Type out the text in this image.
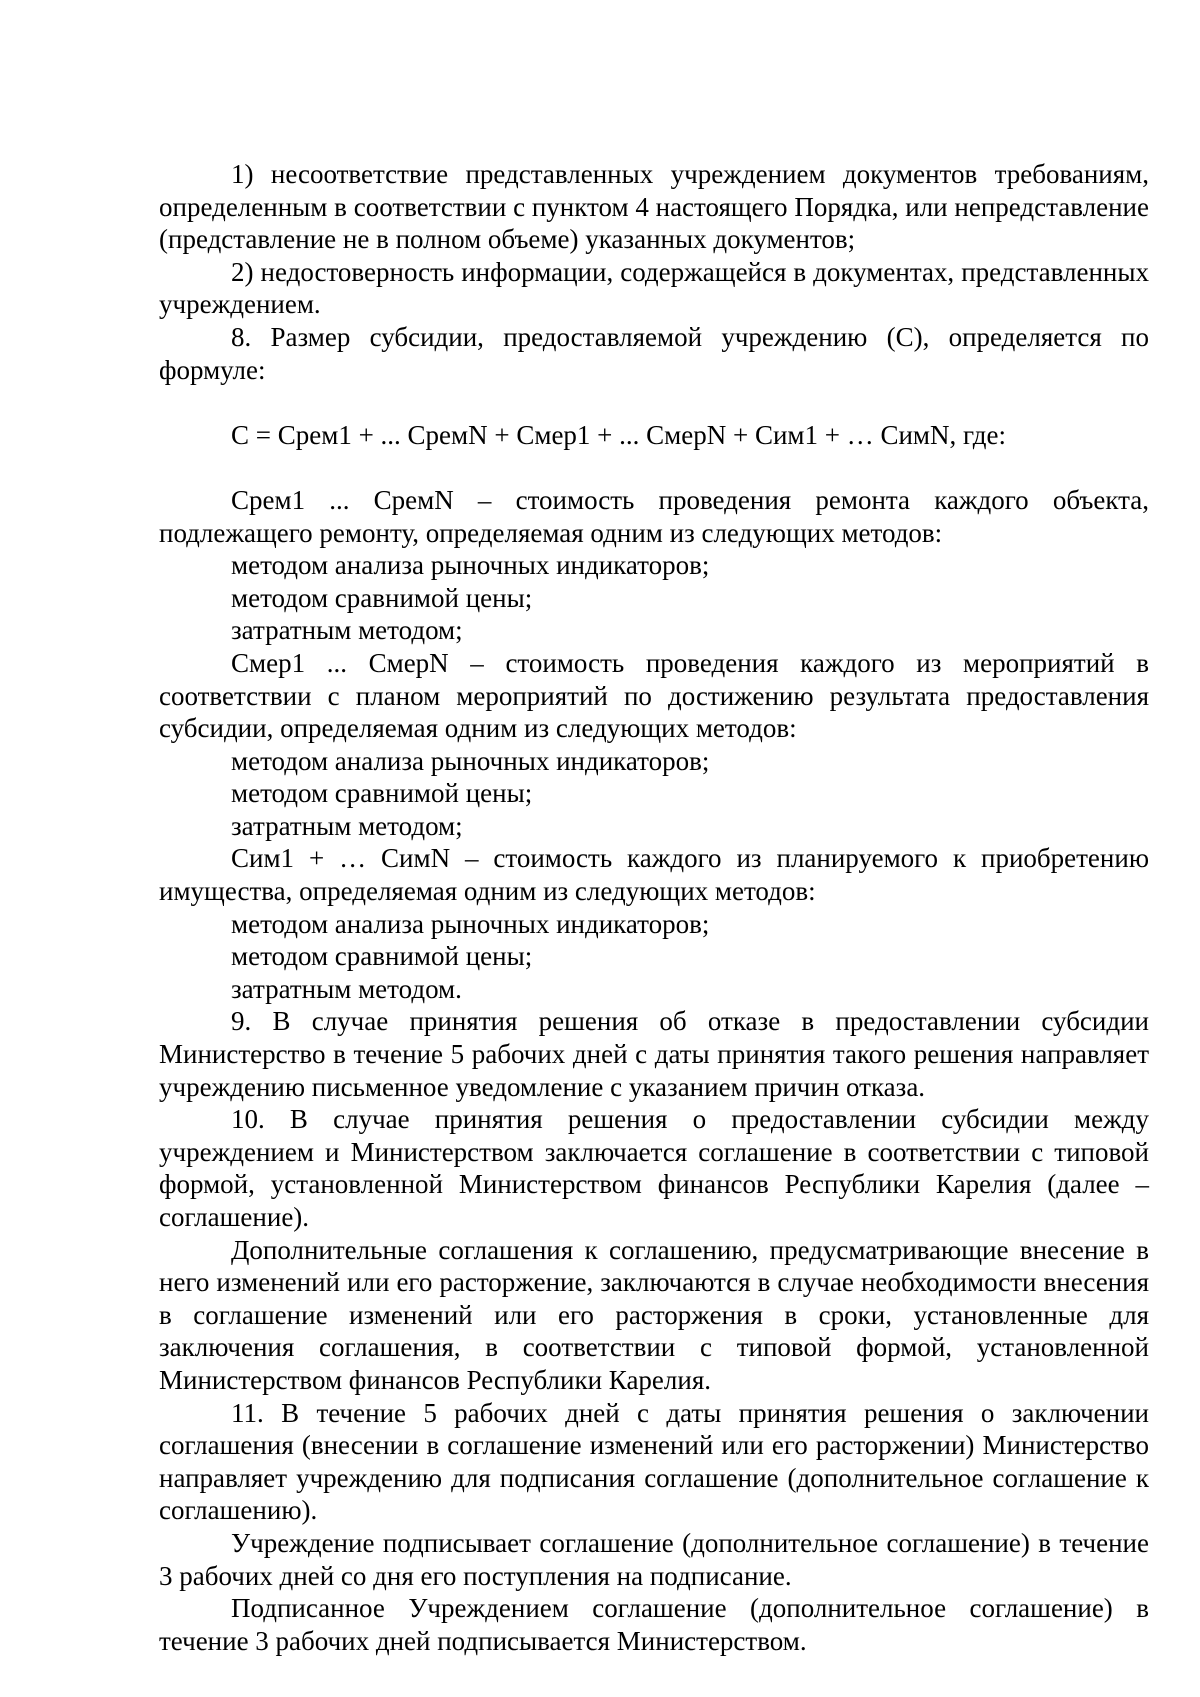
1) несоответствие представленных учреждением документов требованиям, определенным в соответствии с пунктом 4 настоящего Порядка, или непредставление (представление не в полном объеме) указанных документов;

2) недостоверность информации, содержащейся в документах, представленных учреждением.

8. Размер субсидии, предоставляемой учреждению (С), определяется по формуле:

С = Срем1 + ... СремN + Смер1 + ... СмерN + Сим1 + … СимN, где:

Срем1 ... СремN – стоимость проведения ремонта каждого объекта, подлежащего ремонту, определяемая одним из следующих методов:

методом анализа рыночных индикаторов;

методом сравнимой цены;

затратным методом;

Смер1 ... СмерN – стоимость проведения каждого из мероприятий в соответствии с планом мероприятий по достижению результата предоставления субсидии, определяемая одним из следующих методов:

методом анализа рыночных индикаторов;

методом сравнимой цены;

затратным методом;

Сим1 + … СимN – стоимость каждого из планируемого к приобретению имущества, определяемая одним из следующих методов:

методом анализа рыночных индикаторов;

методом сравнимой цены;

затратным методом.

9. В случае принятия решения об отказе в предоставлении субсидии Министерство в течение 5 рабочих дней с даты принятия такого решения направляет учреждению письменное уведомление с указанием причин отказа.

10. В случае принятия решения о предоставлении субсидии между учреждением и Министерством заключается соглашение в соответствии с типовой формой, установленной Министерством финансов Республики Карелия (далее – соглашение).

Дополнительные соглашения к соглашению, предусматривающие внесение в него изменений или его расторжение, заключаются в случае необходимости внесения в соглашение изменений или его расторжения в сроки, установленные для заключения соглашения, в соответствии с типовой формой, установленной Министерством финансов Республики Карелия.

11. В течение 5 рабочих дней с даты принятия решения о заключении соглашения (внесении в соглашение изменений или его расторжении) Министерство направляет учреждению для подписания соглашение (дополнительное соглашение к соглашению).

Учреждение подписывает соглашение (дополнительное соглашение) в течение 3 рабочих дней со дня его поступления на подписание.

Подписанное Учреждением соглашение (дополнительное соглашение) в течение 3 рабочих дней подписывается Министерством.
